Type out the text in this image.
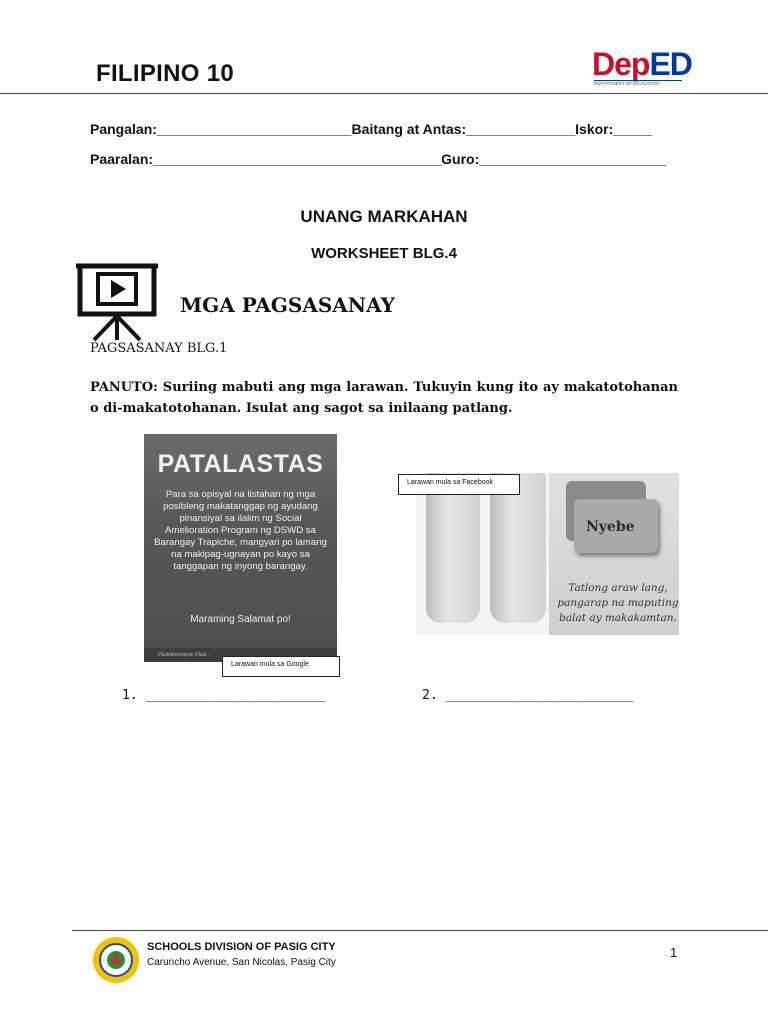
FILIPINO 10	DepED
DEPARTMENT OF EDUCATION
Pangalan:_________________________Baitang at Antas:______________Iskor:_____
Paaralan:_____________________________________Guro:________________________
UNANG MARKAHAN
WORKSHEET BLG.4
MGA PAGSASANAY
PAGSASANAY BLG.1
PANUTO: Suriing mabuti ang mga larawan. Tukuyin kung ito ay makatotohanan o di-makatotohanan. Isulat ang sagot sa inilaang patlang.
PATALASTAS
Para sa opisyal na listahan ng mga posibleng makatanggap ng ayudang pinansiyal sa ilalim ng Social Amelioration Program ng DSWD sa Barangay Trapiche, mangyari po lamang na makipag-ugnayan po kayo sa tanggapan ng inyong barangay.
Maraming Salamat po!
#Selektonsayan #Sali...
Larawan mula sa Google
Nyebe
Tatlong araw lang, pangarap na maputing balat ay makakamtan.
Larawan mula sa Facebook
1. _______________________	2. ________________________
SCHOOLS DIVISION OF PASIG CITY
Caruncho Avenue, San Nicolas, Pasig City
1
